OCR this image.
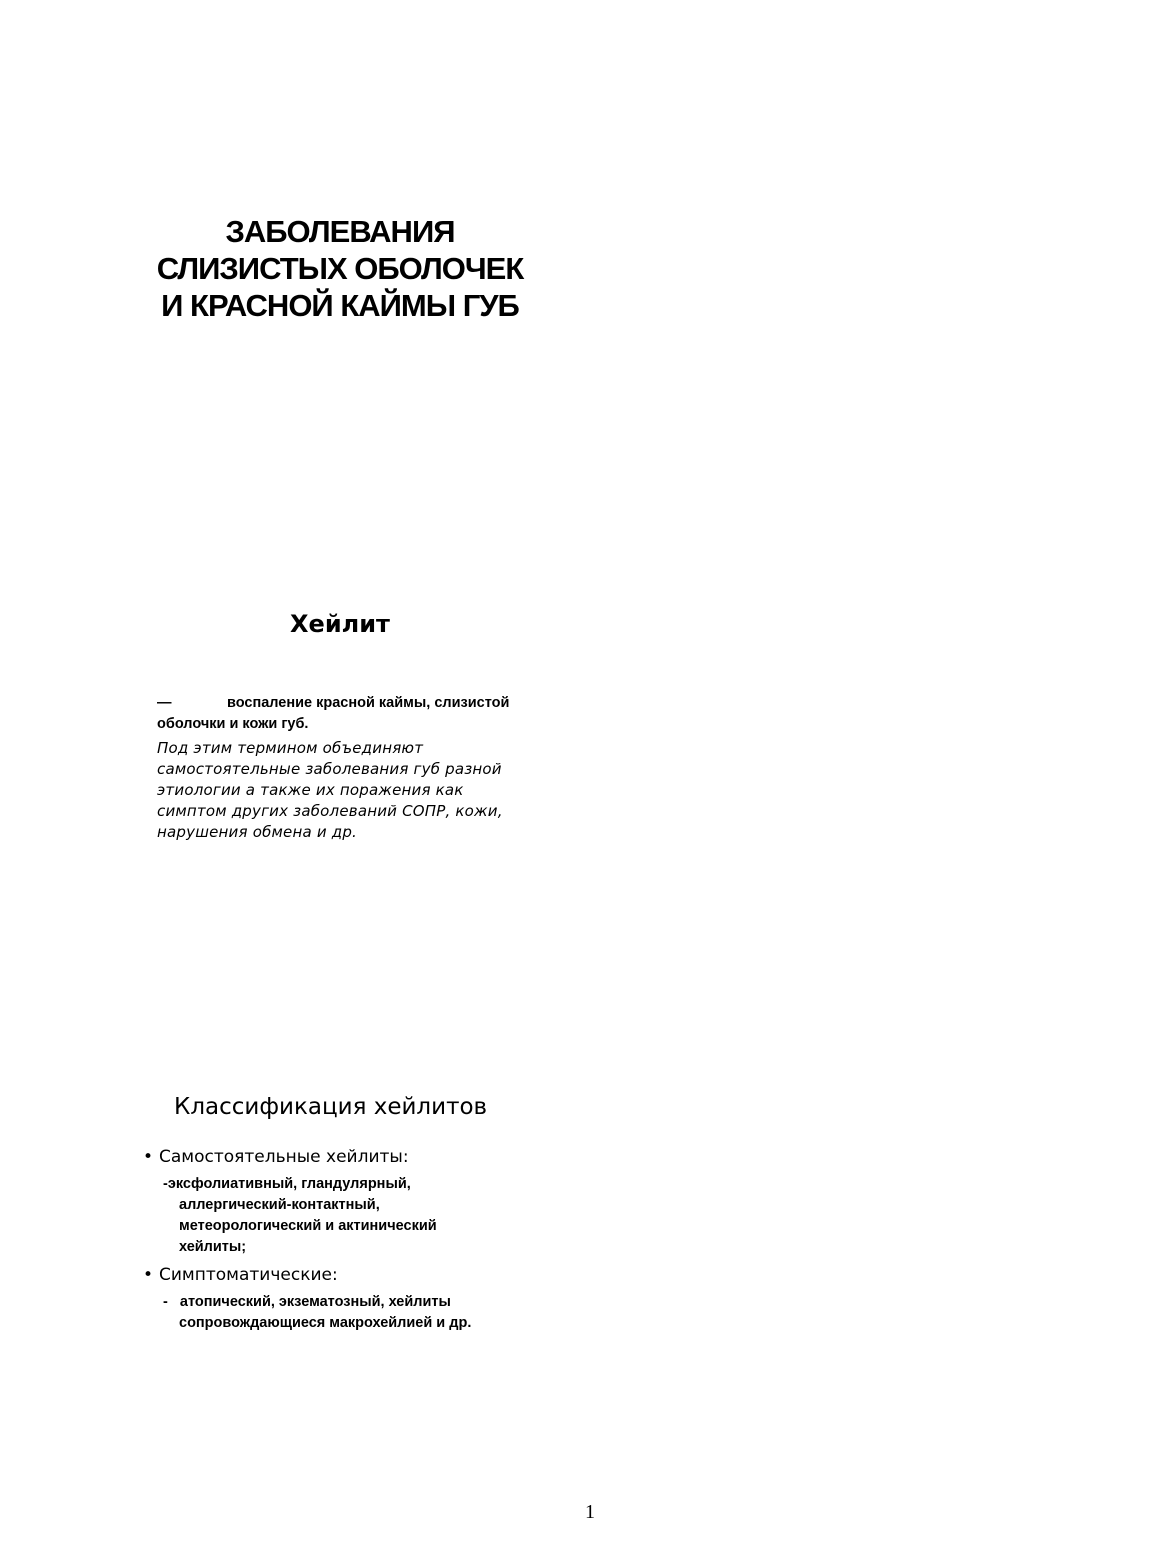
ЗАБОЛЕВАНИЯ
СЛИЗИСТЫХ ОБОЛОЧЕК
И КРАСНОЙ КАЙМЫ ГУБ
Хейлит
—	воспаление красной каймы, слизистой
оболочки и кожи губ.
Под этим термином объединяют
самостоятельные заболевания губ разной
этиологии а также их поражения как
симптом других заболеваний СОПР, кожи,
нарушения обмена и др.
Классификация хейлитов
• Самостоятельные хейлиты:
-эксфолиативный, гландулярный,
аллергический-контактный,
метеорологический и актинический
хейлиты;
• Симптоматические:
-   атопический, экзематозный, хейлиты
сопровождающиеся макрохейлией и др.
1
